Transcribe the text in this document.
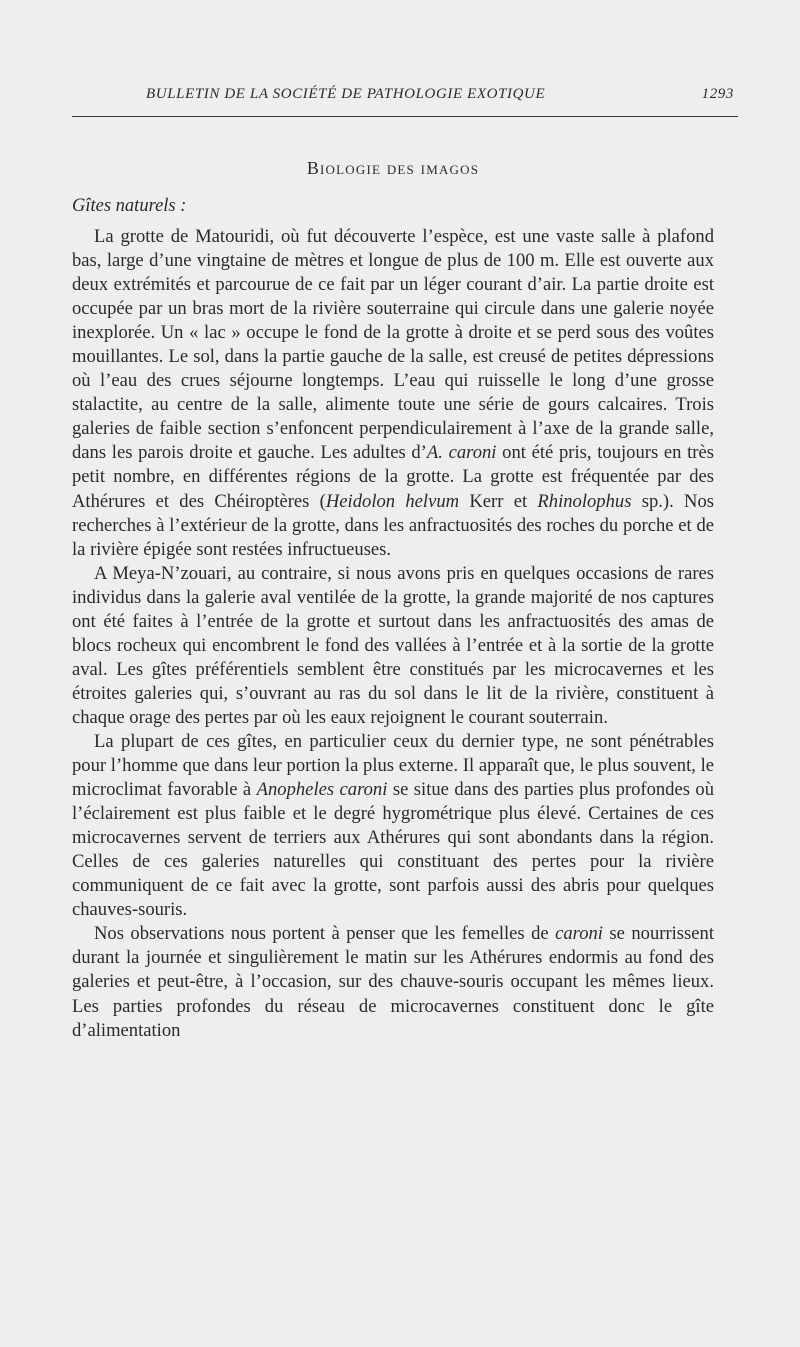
BULLETIN DE LA SOCIÉTÉ DE PATHOLOGIE EXOTIQUE	1293
Biologie des imagos
Gîtes naturels :

La grotte de Matouridi, où fut découverte l’espèce, est une vaste salle à plafond bas, large d’une vingtaine de mètres et longue de plus de 100 m. Elle est ouverte aux deux extrémités et parcourue de ce fait par un léger courant d’air. La partie droite est occupée par un bras mort de la rivière souterraine qui circule dans une galerie noyée inexplorée. Un « lac » occupe le fond de la grotte à droite et se perd sous des voûtes mouillantes. Le sol, dans la partie gauche de la salle, est creusé de petites dépressions où l’eau des crues séjourne longtemps. L’eau qui ruisselle le long d’une grosse stalactite, au centre de la salle, alimente toute une série de gours calcaires. Trois galeries de faible section s’enfoncent perpendiculairement à l’axe de la grande salle, dans les parois droite et gauche. Les adultes d’A. caroni ont été pris, toujours en très petit nombre, en différentes régions de la grotte. La grotte est fréquentée par des Athérures et des Chéiroptères (Heidolon helvum Kerr et Rhinolophus sp.). Nos recherches à l’extérieur de la grotte, dans les anfractuosités des roches du porche et de la rivière épigée sont restées infructueuses.

A Meya-N’zouari, au contraire, si nous avons pris en quelques occasions de rares individus dans la galerie aval ventilée de la grotte, la grande majorité de nos captures ont été faites à l’entrée de la grotte et surtout dans les anfractuosités des amas de blocs rocheux qui encombrent le fond des vallées à l’entrée et à la sortie de la grotte aval. Les gîtes préférentiels semblent être constitués par les microcavernes et les étroites galeries qui, s’ouvrant au ras du sol dans le lit de la rivière, constituent à chaque orage des pertes par où les eaux rejoignent le courant souterrain.

La plupart de ces gîtes, en particulier ceux du dernier type, ne sont pénétrables pour l’homme que dans leur portion la plus externe. Il apparaît que, le plus souvent, le microclimat favorable à Anopheles caroni se situe dans des parties plus profondes où l’éclairement est plus faible et le degré hygrométrique plus élevé. Certaines de ces microcavernes servent de terriers aux Athérures qui sont abondants dans la région. Celles de ces galeries naturelles qui constituant des pertes pour la rivière communiquent de ce fait avec la grotte, sont parfois aussi des abris pour quelques chauves-souris.

Nos observations nous portent à penser que les femelles de caroni se nourrissent durant la journée et singulièrement le matin sur les Athérures endormis au fond des galeries et peut-être, à l’occasion, sur des chauve-souris occupant les mêmes lieux. Les parties profondes du réseau de microcavernes constituent donc le gîte d’alimentation
